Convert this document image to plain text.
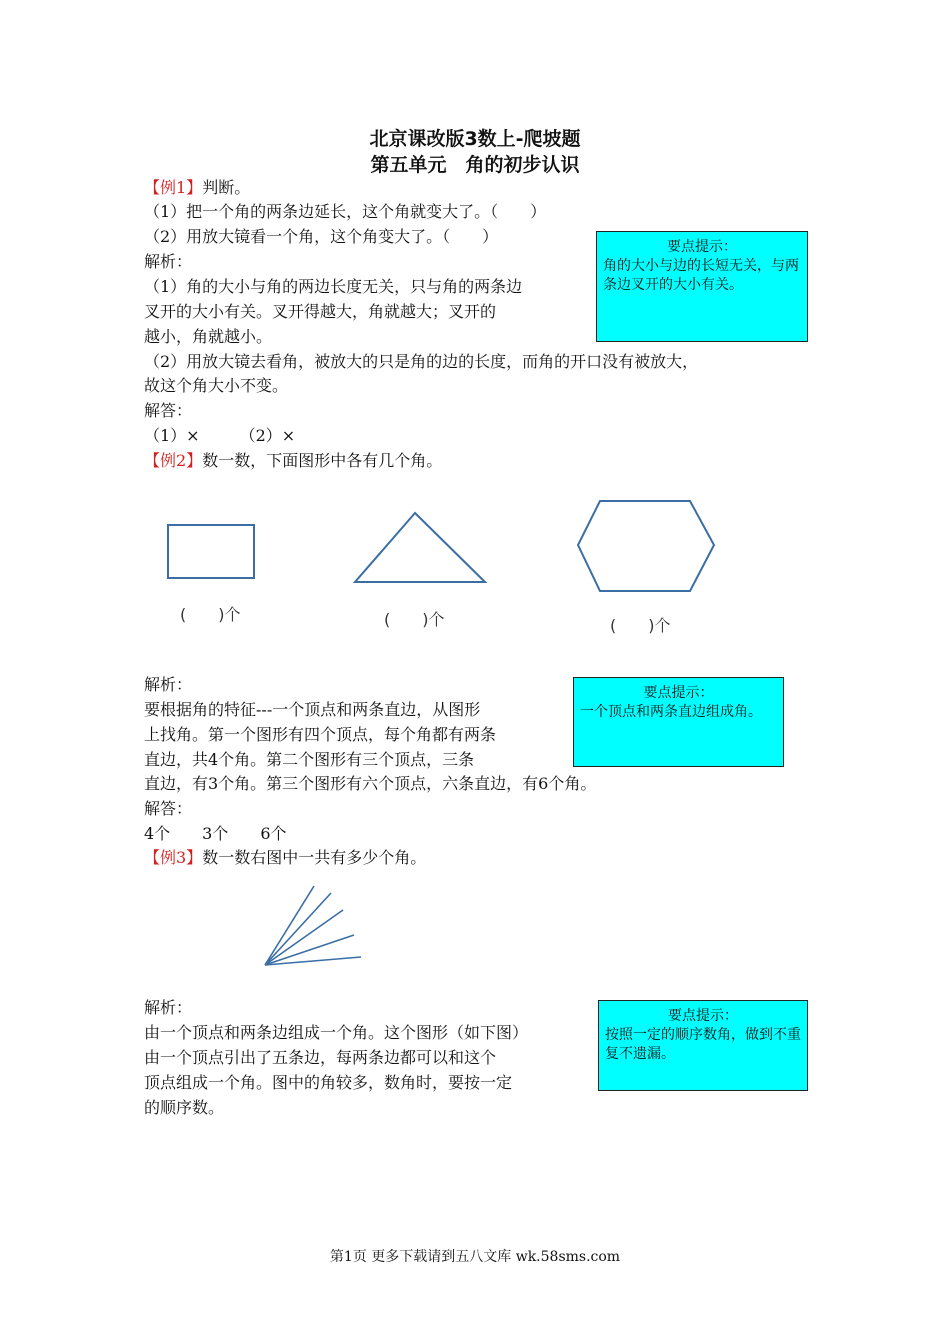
北京课改版3数上-爬坡题
第五单元　角的初步认识
【例1】判断。
（1）把一个角的两条边延长，这个角就变大了。（　　）
（2）用放大镜看一个角，这个角变大了。（　　）
解析：
（1）角的大小与角的两边长度无关，只与角的两条边
叉开的大小有关。叉开得越大，角就越大；叉开的
越小，角就越小。
（2）用放大镜去看角，被放大的只是角的边的长度，而角的开口没有被放大，
故这个角大小不变。
解答：
（1）×　　　（2）×
要点提示：
角的大小与边的长短无关，与两条边叉开的大小有关。
【例2】数一数，下面图形中各有几个角。
(　　)个	(　　)个	(　　)个
解析：
要根据角的特征---一个顶点和两条直边，从图形
上找角。第一个图形有四个顶点，每个角都有两条
直边，共4个角。第二个图形有三个顶点，三条
直边，有3个角。第三个图形有六个顶点，六条直边，有6个角。
解答：
4个　　3个　　6个
要点提示：
一个顶点和两条直边组成角。
【例3】数一数右图中一共有多少个角。
解析：
由一个顶点和两条边组成一个角。这个图形（如下图）
由一个顶点引出了五条边，每两条边都可以和这个
顶点组成一个角。图中的角较多，数角时，要按一定
的顺序数。
要点提示：
按照一定的顺序数角，做到不重复不遗漏。
第1页 更多下载请到五八文库 wk.58sms.com
